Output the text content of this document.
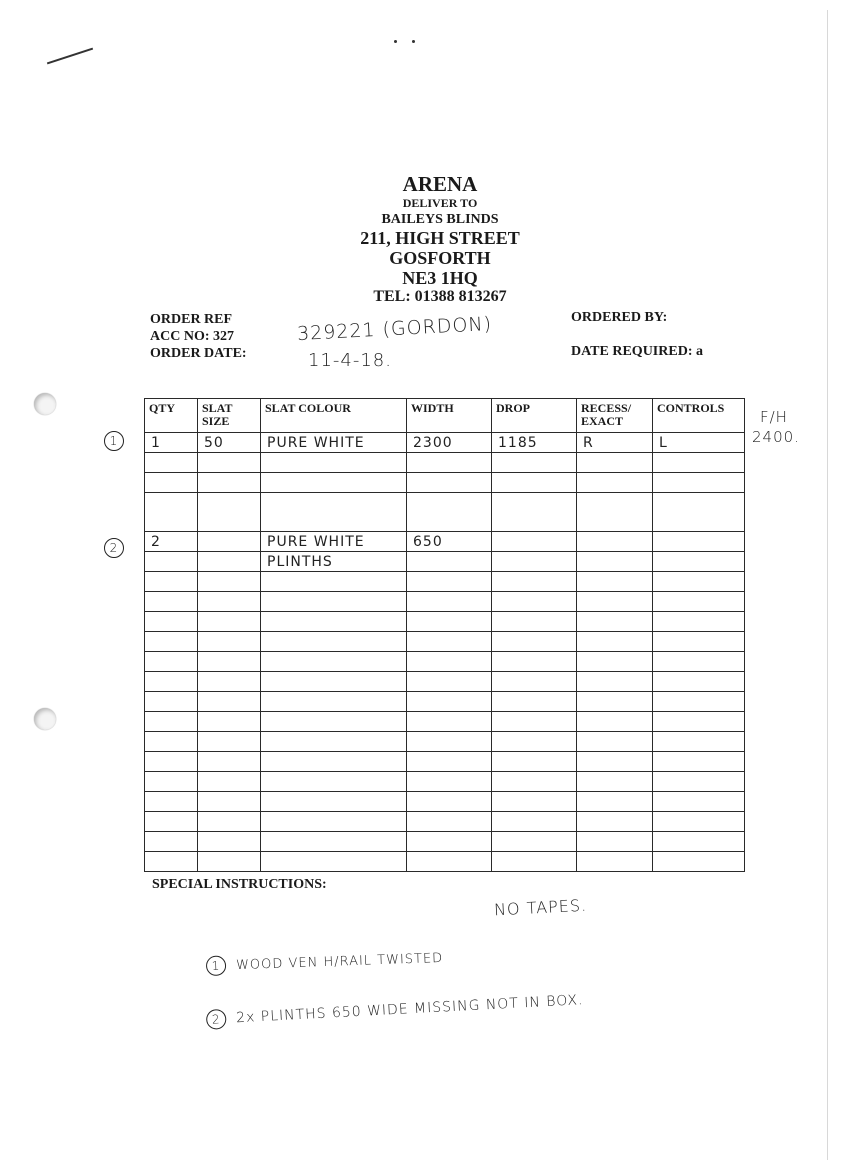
ARENA
DELIVER TO
BAILEYS BLINDS
211, HIGH STREET
GOSFORTH
NE3 1HQ
TEL: 01388 813267
ORDER REF
ACC NO: 327
ORDER DATE:
ORDERED BY:
DATE REQUIRED: a
329221 (GORDON)
11-4-18.
1
2
F/H
2400.
QTY	SLAT SIZE	SLAT COLOUR	WIDTH	DROP	RECESS/ EXACT	CONTROLS
1	50	PURE WHITE	2300	1185	R	L

2		PURE WHITE	650			
		PLINTHS				

SPECIAL INSTRUCTIONS:
NO TAPES.
1 WOOD VEN H/RAIL TWISTED
2 2x PLINTHS 650 WIDE MISSING NOT IN BOX.
